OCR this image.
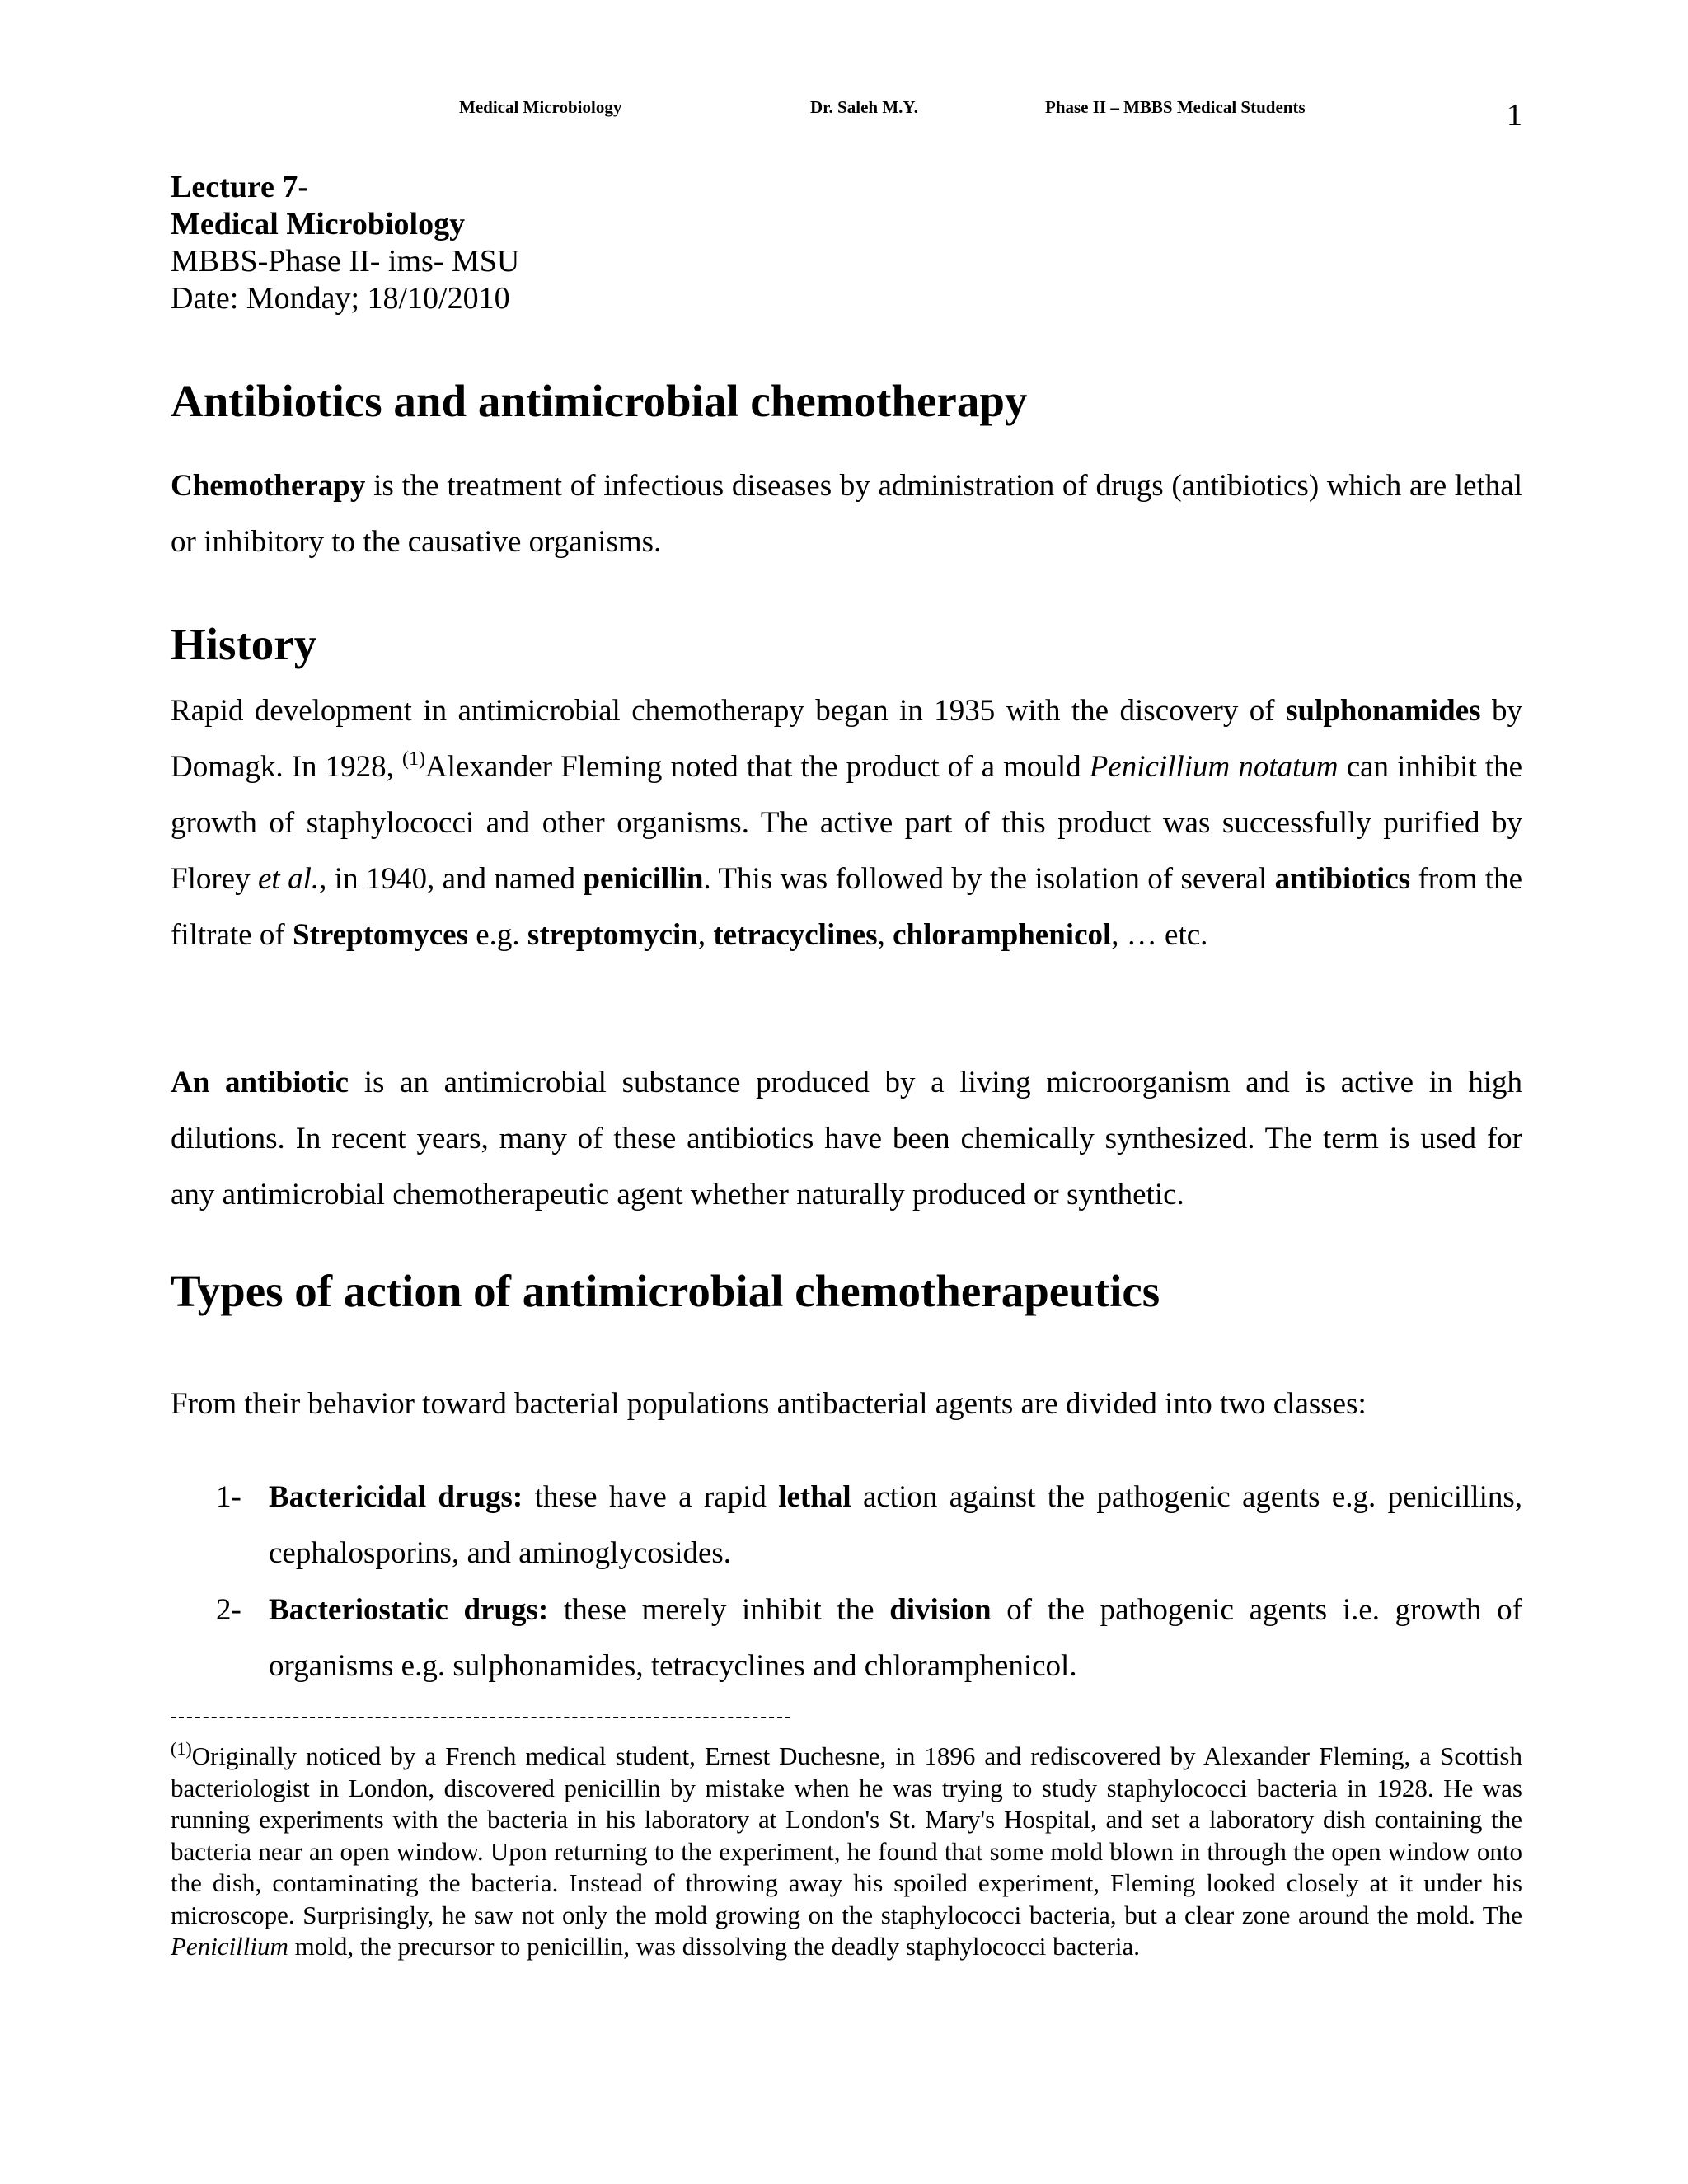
Medical Microbiology	Dr. Saleh M.Y.	Phase II – MBBS Medical Students	1
Lecture 7-
Medical Microbiology
MBBS-Phase II- ims- MSU
Date: Monday; 18/10/2010
Antibiotics and antimicrobial chemotherapy

Chemotherapy is the treatment of infectious diseases by administration of drugs (antibiotics) which are lethal or inhibitory to the causative organisms.

History

Rapid development in antimicrobial chemotherapy began in 1935 with the discovery of sulphonamides by Domagk. In 1928, $^{(1)}$Alexander Fleming noted that the product of a mould Penicillium notatum can inhibit the growth of staphylococci and other organisms. The active part of this product was successfully purified by Florey et al., in 1940, and named penicillin. This was followed by the isolation of several antibiotics from the filtrate of Streptomyces e.g. streptomycin, tetracyclines, chloramphenicol, … etc.

An antibiotic is an antimicrobial substance produced by a living microorganism and is active in high dilutions. In recent years, many of these antibiotics have been chemically synthesized. The term is used for any antimicrobial chemotherapeutic agent whether naturally produced or synthetic.

Types of action of antimicrobial chemotherapeutics

From their behavior toward bacterial populations antibacterial agents are divided into two classes:

1- Bactericidal drugs: these have a rapid lethal action against the pathogenic agents e.g. penicillins, cephalosporins, and aminoglycosides.
2- Bacteriostatic drugs: these merely inhibit the division of the pathogenic agents i.e. growth of organisms e.g. sulphonamides, tetracyclines and chloramphenicol.
$^{(1)}$Originally noticed by a French medical student, Ernest Duchesne, in 1896 and rediscovered by Alexander Fleming, a Scottish bacteriologist in London, discovered penicillin by mistake when he was trying to study staphylococci bacteria in 1928. He was running experiments with the bacteria in his laboratory at London's St. Mary's Hospital, and set a laboratory dish containing the bacteria near an open window. Upon returning to the experiment, he found that some mold blown in through the open window onto the dish, contaminating the bacteria. Instead of throwing away his spoiled experiment, Fleming looked closely at it under his microscope. Surprisingly, he saw not only the mold growing on the staphylococci bacteria, but a clear zone around the mold. The Penicillium mold, the precursor to penicillin, was dissolving the deadly staphylococci bacteria.
